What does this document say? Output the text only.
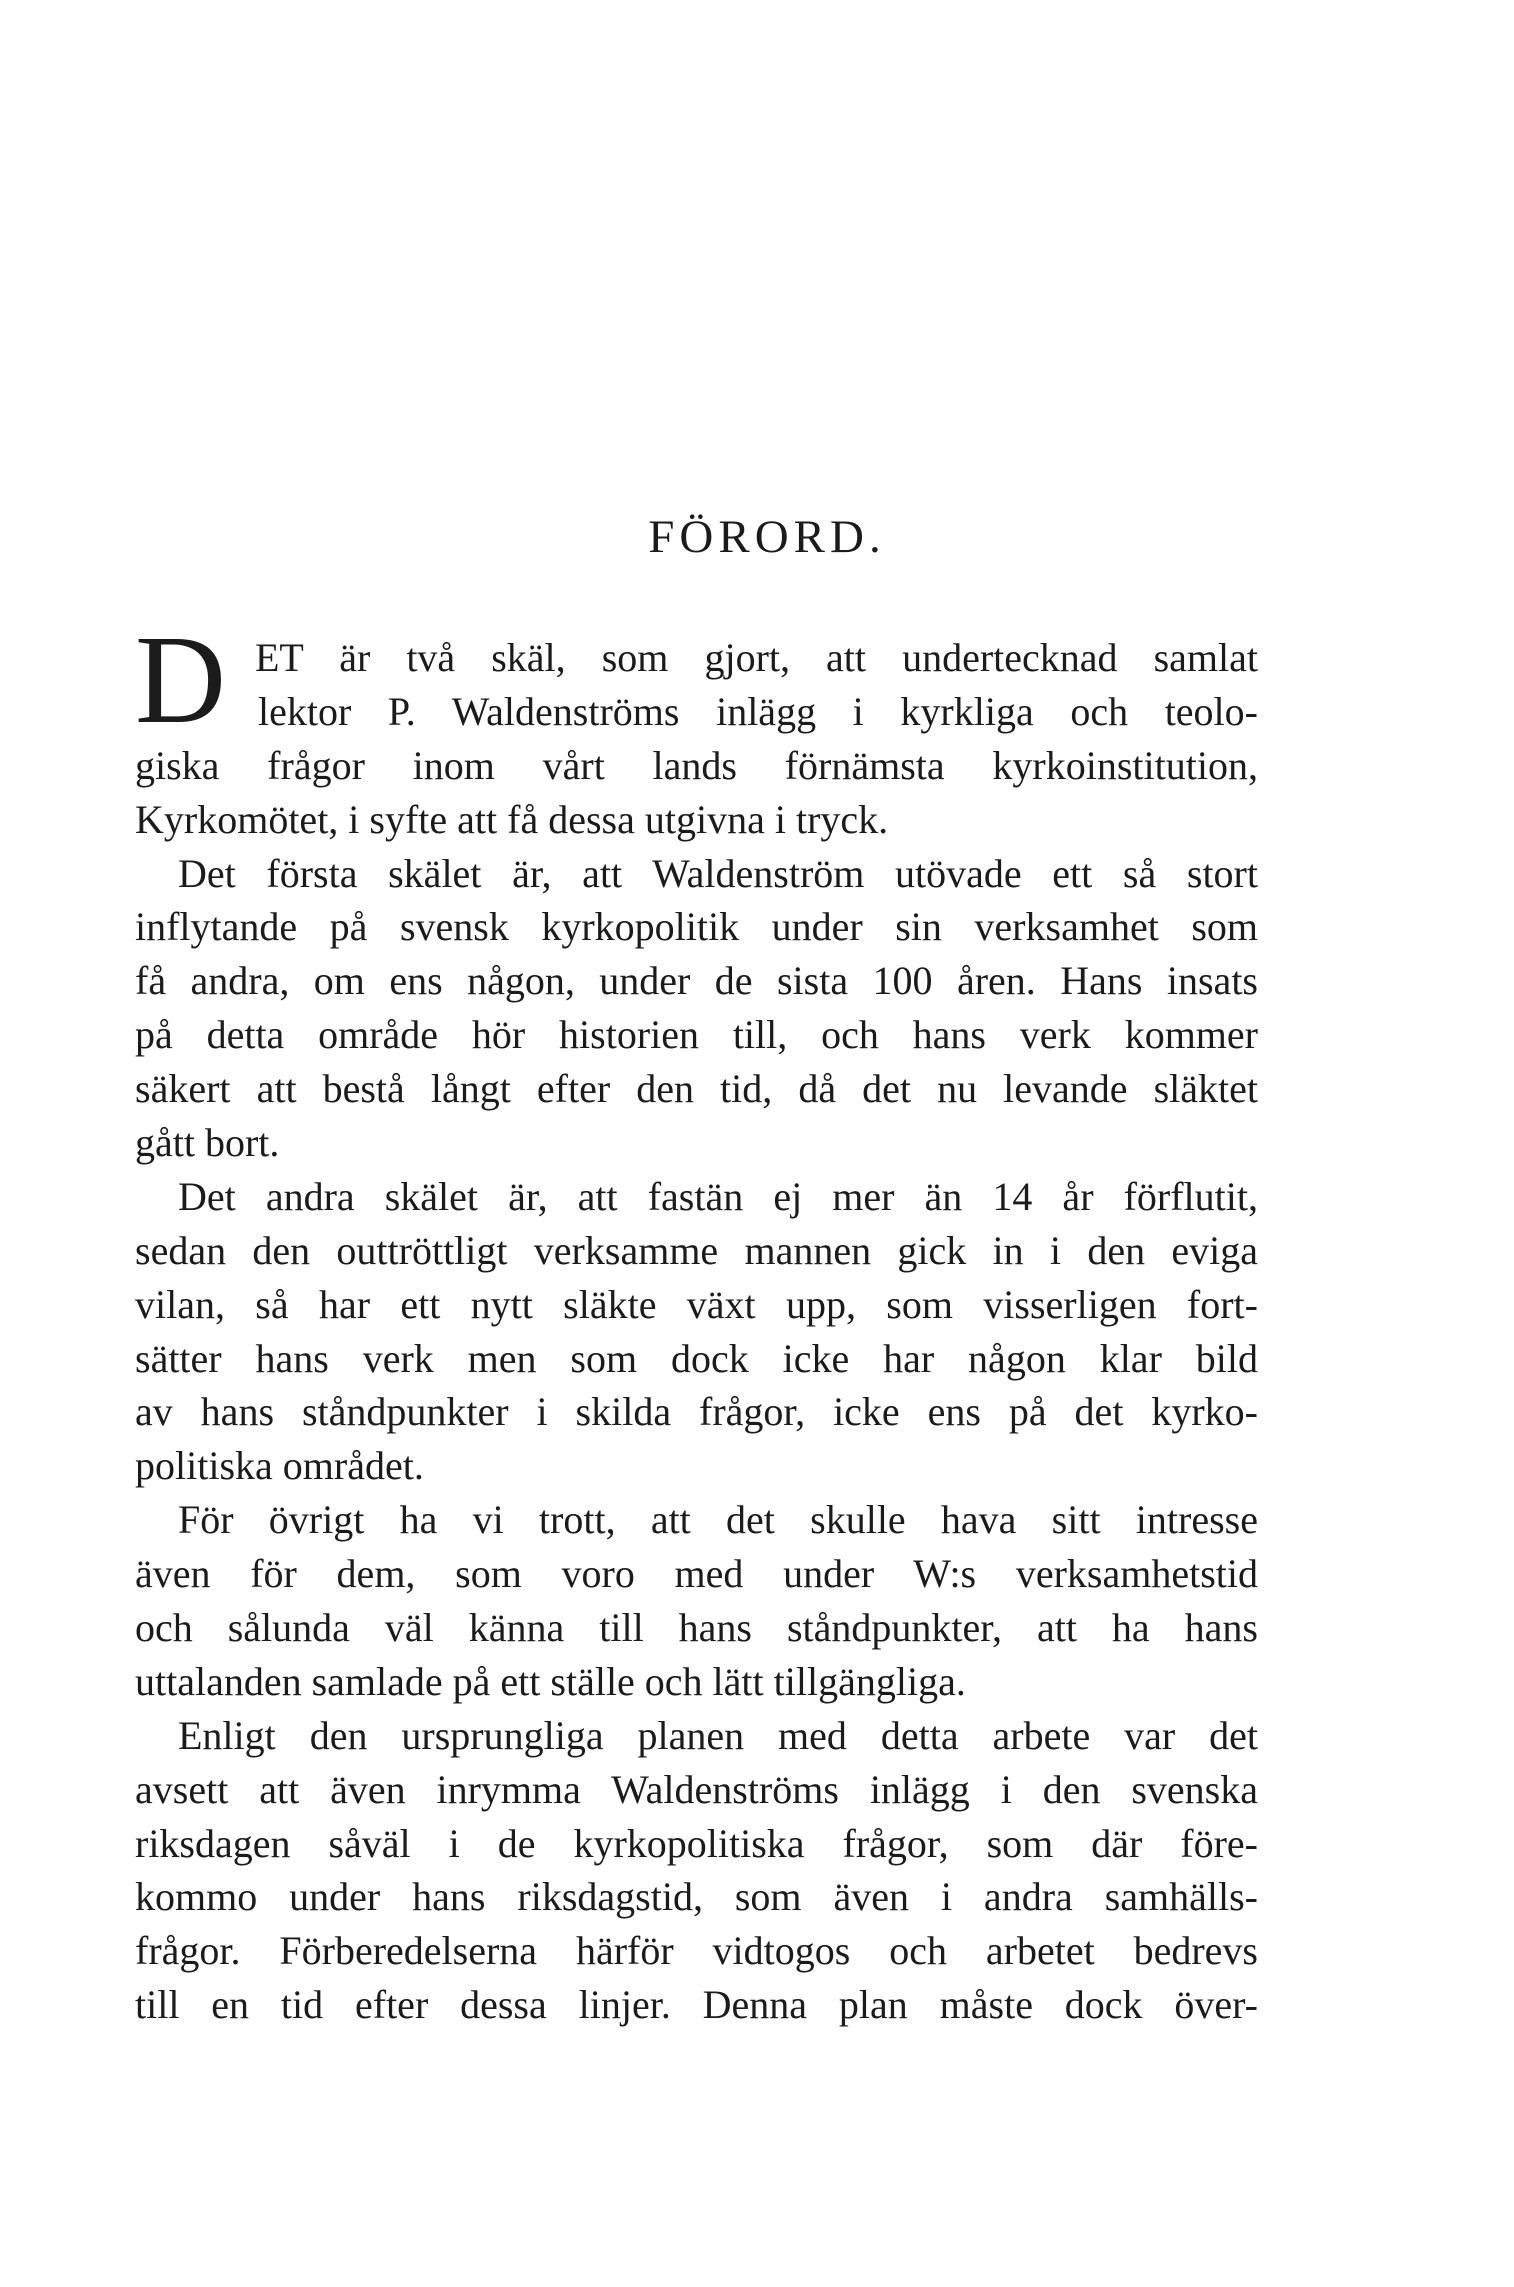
FÖRORD.
D ET är två skäl, som gjort, att undertecknad samlat
lektor P. Waldenströms inlägg i kyrkliga och teolo-
giska frågor inom vårt lands förnämsta kyrkoinstitution,
Kyrkomötet, i syfte att få dessa utgivna i tryck.
Det första skälet är, att Waldenström utövade ett så stort
inflytande på svensk kyrkopolitik under sin verksamhet som
få andra, om ens någon, under de sista 100 åren. Hans insats
på detta område hör historien till, och hans verk kommer
säkert att bestå långt efter den tid, då det nu levande släktet
gått bort.
Det andra skälet är, att fastän ej mer än 14 år förflutit,
sedan den outtröttligt verksamme mannen gick in i den eviga
vilan, så har ett nytt släkte växt upp, som visserligen fort-
sätter hans verk men som dock icke har någon klar bild
av hans ståndpunkter i skilda frågor, icke ens på det kyrko-
politiska området.
För övrigt ha vi trott, att det skulle hava sitt intresse
även för dem, som voro med under W:s verksamhetstid
och sålunda väl känna till hans ståndpunkter, att ha hans
uttalanden samlade på ett ställe och lätt tillgängliga.
Enligt den ursprungliga planen med detta arbete var det
avsett att även inrymma Waldenströms inlägg i den svenska
riksdagen såväl i de kyrkopolitiska frågor, som där före-
kommo under hans riksdagstid, som även i andra samhälls-
frågor. Förberedelserna härför vidtogos och arbetet bedrevs
till en tid efter dessa linjer. Denna plan måste dock över-
